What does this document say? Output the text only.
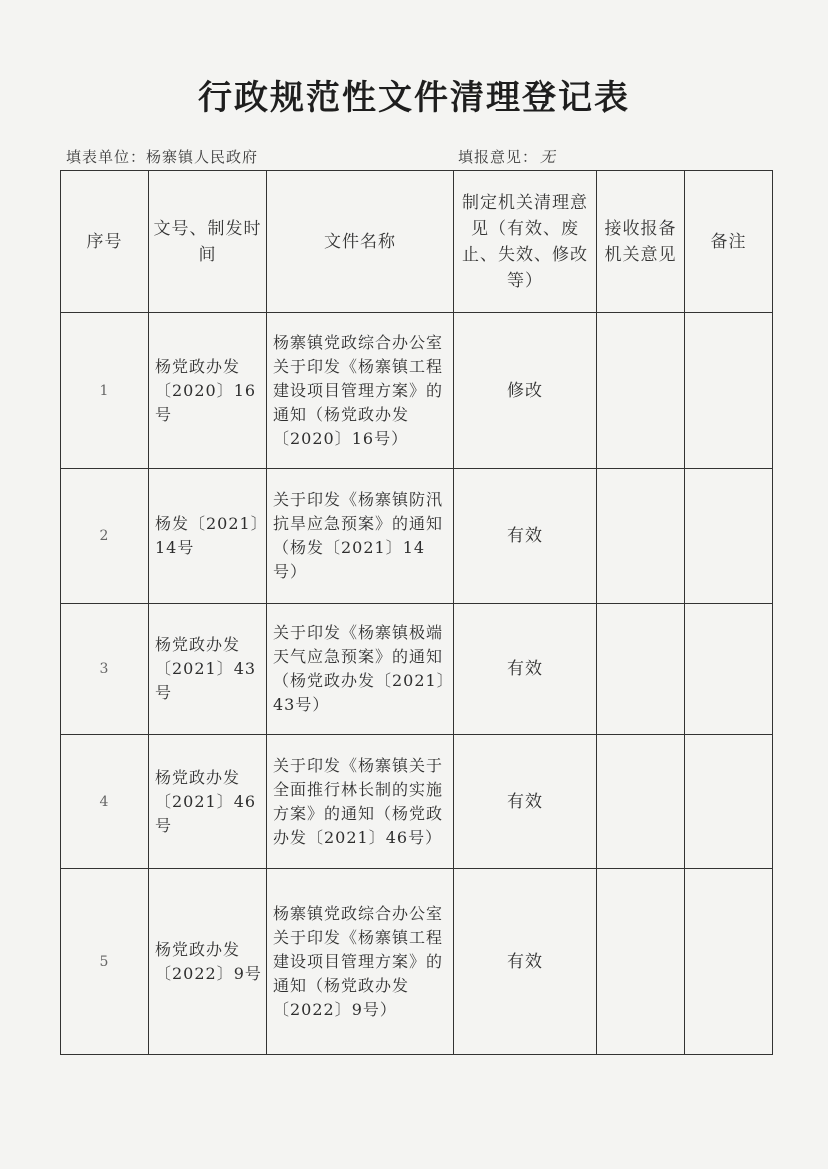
行政规范性文件清理登记表
填表单位：杨寨镇人民政府	填报意见： 无
序号	文号、制发时间	文件名称	制定机关清理意见（有效、废止、失效、修改等）	接收报备机关意见	备注
1	杨党政办发〔2020〕16号	杨寨镇党政综合办公室关于印发《杨寨镇工程建设项目管理方案》的通知（杨党政办发〔2020〕16号）	修改		
2	杨发〔2021〕14号	关于印发《杨寨镇防汛抗旱应急预案》的通知（杨发〔2021〕14号）	有效		
3	杨党政办发〔2021〕43号	关于印发《杨寨镇极端天气应急预案》的通知（杨党政办发〔2021〕43号）	有效		
4	杨党政办发〔2021〕46号	关于印发《杨寨镇关于全面推行林长制的实施方案》的通知（杨党政办发〔2021〕46号）	有效		
5	杨党政办发〔2022〕9号	杨寨镇党政综合办公室关于印发《杨寨镇工程建设项目管理方案》的通知（杨党政办发〔2022〕9号）	有效		
